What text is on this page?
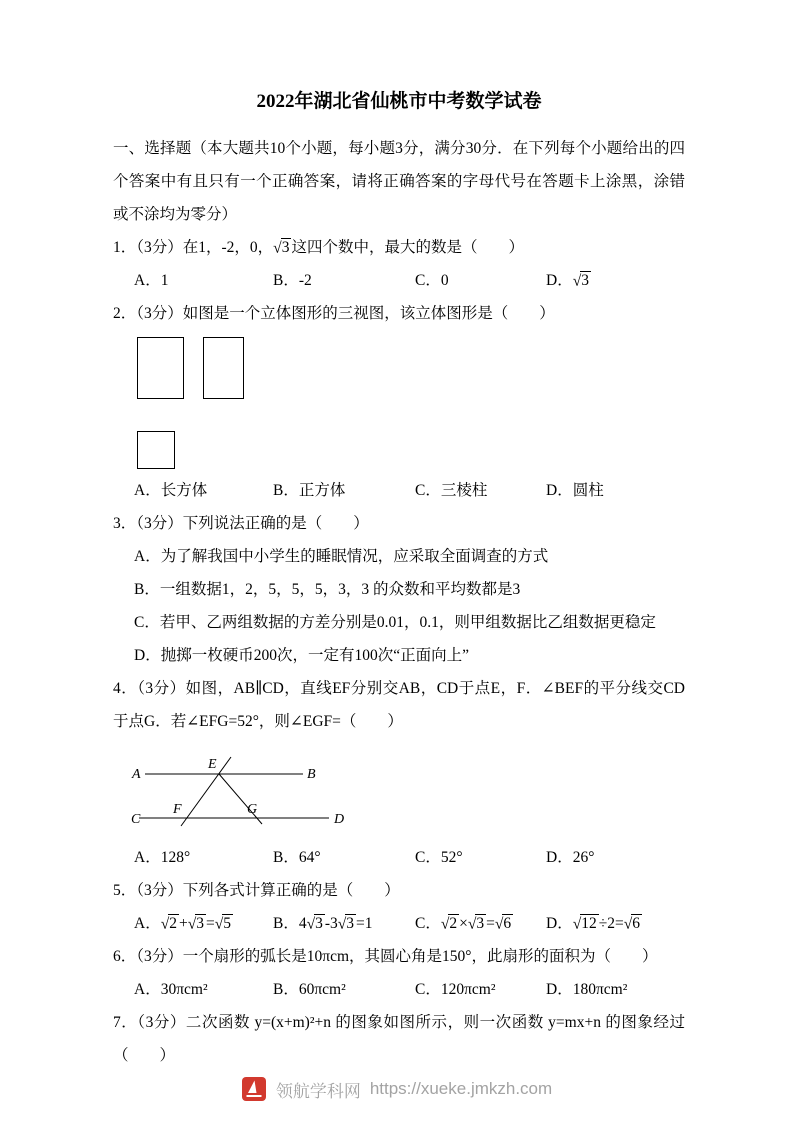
2022年湖北省仙桃市中考数学试卷

一、选择题（本大题共10个小题，每小题3分，满分30分．在下列每个小题给出的四个答案中有且只有一个正确答案，请将正确答案的字母代号在答题卡上涂黑，涂错或不涂均为零分）

1．（3分）在1，-2，0，√3 这四个数中，最大的数是（　　）

A．1	B．-2	C．0	D．√3

2．（3分）如图是一个立体图形的三视图，该立体图形是（　　）

A．长方体	B．正方体	C．三棱柱	D．圆柱

3．（3分）下列说法正确的是（　　）

A．为了解我国中小学生的睡眠情况，应采取全面调查的方式

B．一组数据1，2，5，5，5，3，3 的众数和平均数都是3

C．若甲、乙两组数据的方差分别是0.01，0.1，则甲组数据比乙组数据更稳定

D．抛掷一枚硬币200次，一定有100次“正面向上”

4．（3分）如图，AB∥CD，直线EF分别交AB，CD于点E，F．∠BEF的平分线交CD于点G．若∠EFG=52°，则∠EGF=（　　）

A	B
C	D
E
F	G
A．128°	B．64°	C．52°	D．26°

5．（3分）下列各式计算正确的是（　　）

A．√2 +√3 =√5	B．4√3 -3√3 =1	C．√2 ×√3 =√6	D．√12 ÷2=√6

6．（3分）一个扇形的弧长是10πcm，其圆心角是150°，此扇形的面积为（　　）

A．30πcm²	B．60πcm²	C．120πcm²	D．180πcm²

7．（3分）二次函数 y=(x+m)²+n 的图象如图所示，则一次函数 y=mx+n 的图象经过（　　）

领航学科网 https://xueke.jmkzh.com
